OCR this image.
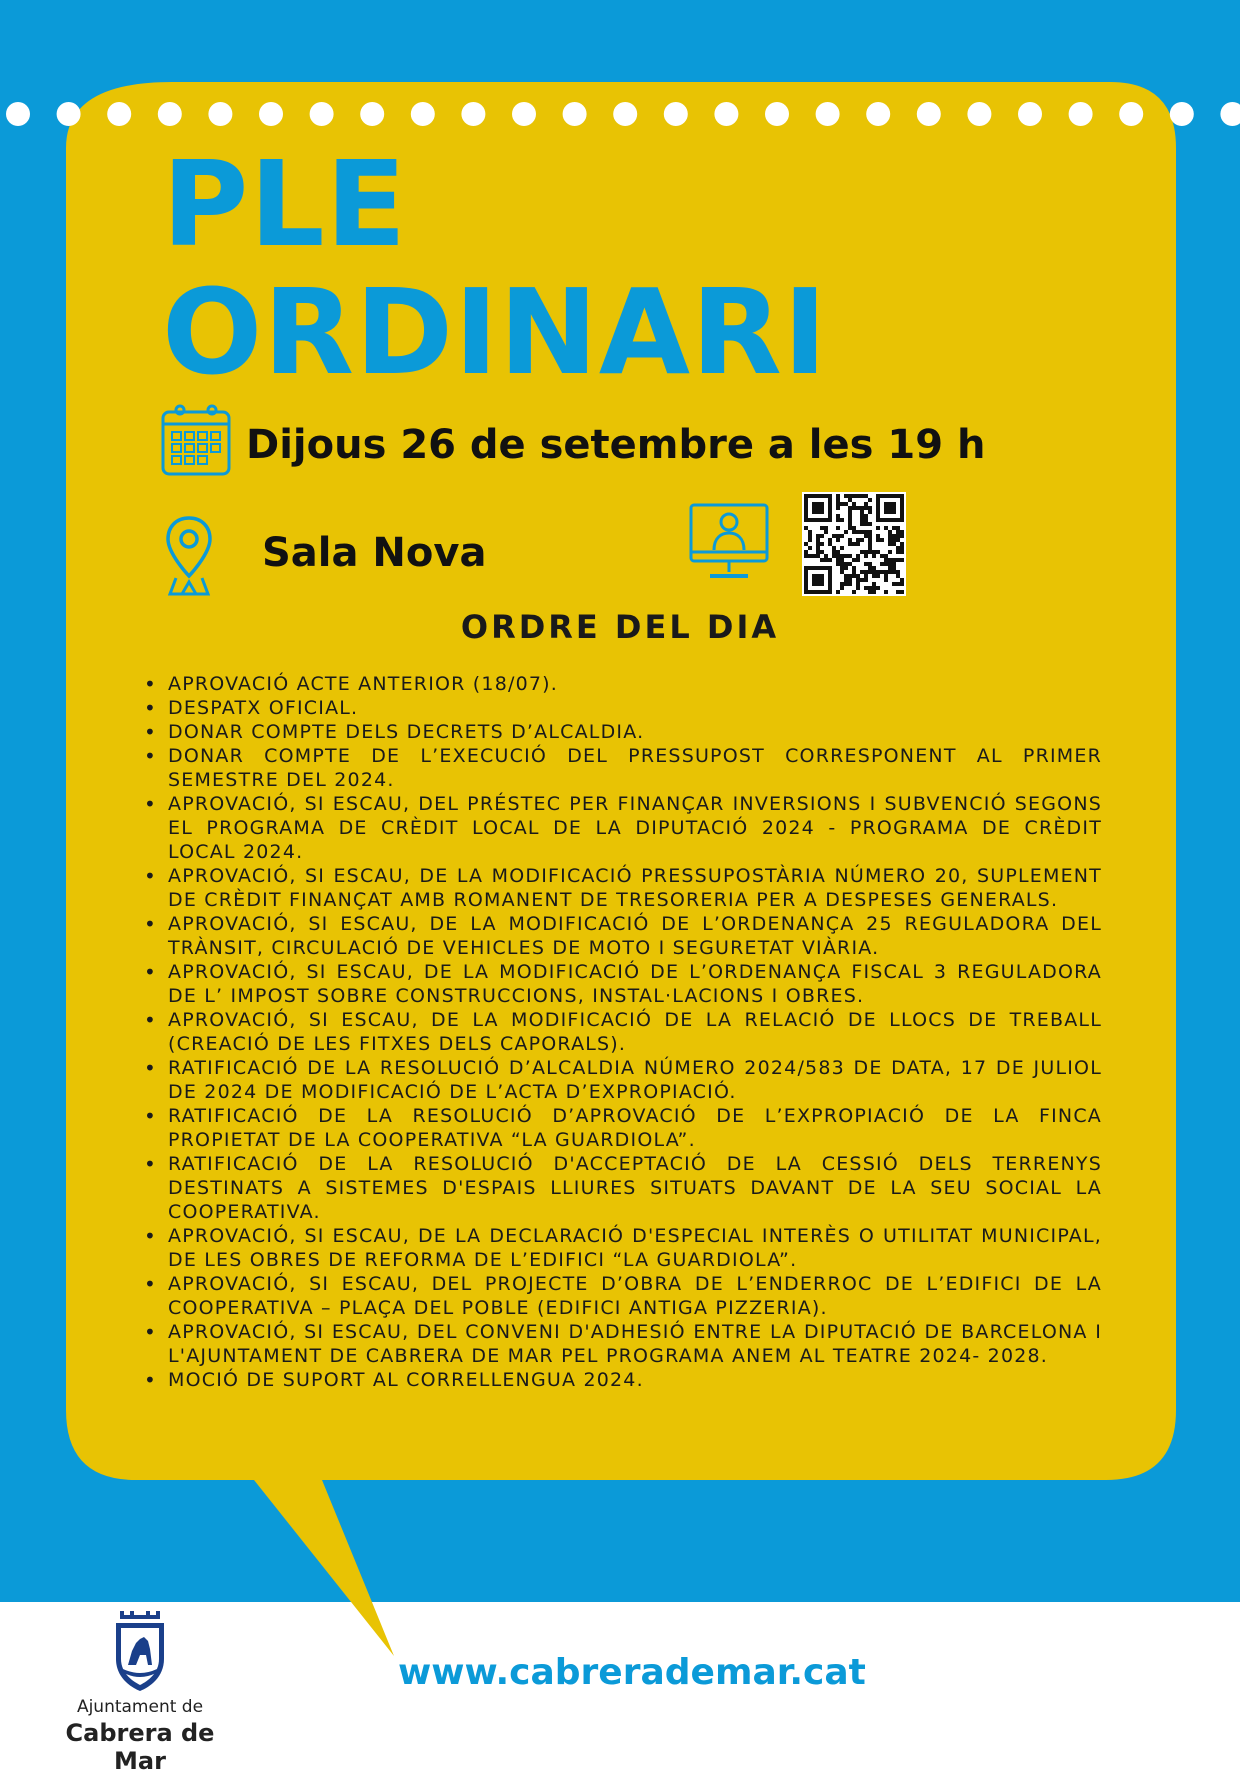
PLE
ORDINARI
Dijous 26 de setembre a les 19 h
Sala Nova
ORDRE DEL DIA
• APROVACIÓ ACTE ANTERIOR (18/07).
• DESPATX OFICIAL.
• DONAR COMPTE DELS DECRETS D’ALCALDIA.
• DONAR COMPTE DE L’EXECUCIÓ DEL PRESSUPOST CORRESPONENT AL PRIMER SEMESTRE DEL 2024.
• APROVACIÓ, SI ESCAU, DEL PRÉSTEC PER FINANÇAR INVERSIONS I SUBVENCIÓ SEGONS EL PROGRAMA DE CRÈDIT LOCAL DE LA DIPUTACIÓ 2024 - PROGRAMA DE CRÈDIT LOCAL 2024.
• APROVACIÓ, SI ESCAU, DE LA MODIFICACIÓ PRESSUPOSTÀRIA NÚMERO 20, SUPLEMENT DE CRÈDIT FINANÇAT AMB ROMANENT DE TRESORERIA PER A DESPESES GENERALS.
• APROVACIÓ, SI ESCAU, DE LA MODIFICACIÓ DE L’ORDENANÇA 25 REGULADORA DEL TRÀNSIT, CIRCULACIÓ DE VEHICLES DE MOTO I SEGURETAT VIÀRIA.
• APROVACIÓ, SI ESCAU, DE LA MODIFICACIÓ DE L’ORDENANÇA FISCAL 3 REGULADORA DE L’ IMPOST SOBRE CONSTRUCCIONS, INSTAL·LACIONS I OBRES.
• APROVACIÓ, SI ESCAU, DE LA MODIFICACIÓ DE LA RELACIÓ DE LLOCS DE TREBALL (CREACIÓ DE LES FITXES DELS CAPORALS).
• RATIFICACIÓ DE LA RESOLUCIÓ D’ALCALDIA NÚMERO 2024/583 DE DATA, 17 DE JULIOL DE 2024 DE MODIFICACIÓ DE L’ACTA D’EXPROPIACIÓ.
• RATIFICACIÓ DE LA RESOLUCIÓ D’APROVACIÓ DE L’EXPROPIACIÓ DE LA FINCA PROPIETAT DE LA COOPERATIVA “LA GUARDIOLA”.
• RATIFICACIÓ DE LA RESOLUCIÓ D'ACCEPTACIÓ DE LA CESSIÓ DELS TERRENYS DESTINATS A SISTEMES D'ESPAIS LLIURES SITUATS DAVANT DE LA SEU SOCIAL LA COOPERATIVA.
• APROVACIÓ, SI ESCAU, DE LA DECLARACIÓ D'ESPECIAL INTERÈS O UTILITAT MUNICIPAL, DE LES OBRES DE REFORMA DE L’EDIFICI “LA GUARDIOLA”.
• APROVACIÓ, SI ESCAU, DEL PROJECTE D’OBRA DE L’ENDERROC DE L’EDIFICI DE LA COOPERATIVA – PLAÇA DEL POBLE (EDIFICI ANTIGA PIZZERIA).
• APROVACIÓ, SI ESCAU, DEL CONVENI D'ADHESIÓ ENTRE LA DIPUTACIÓ DE BARCELONA I L'AJUNTAMENT DE CABRERA DE MAR PEL PROGRAMA ANEM AL TEATRE 2024- 2028.
• MOCIÓ DE SUPORT AL CORRELLENGUA 2024.
Ajuntament de
Cabrera de Mar
www.cabrerademar.cat
